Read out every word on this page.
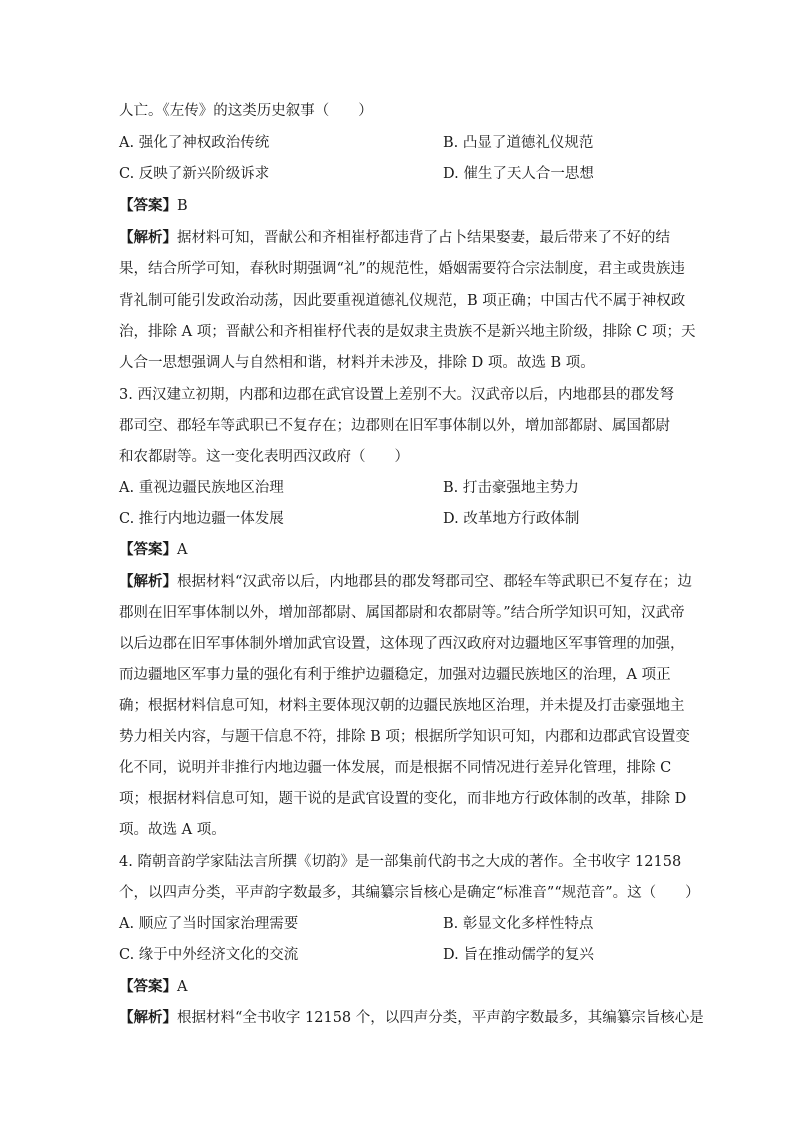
人亡。《左传》的这类历史叙事（　　）
A. 强化了神权政治传统	B. 凸显了道德礼仪规范
C. 反映了新兴阶级诉求	D. 催生了天人合一思想
【答案】B
【解析】据材料可知，晋献公和齐相崔杼都违背了占卜结果娶妻，最后带来了不好的结
果，结合所学可知，春秋时期强调“礼”的规范性，婚姻需要符合宗法制度，君主或贵族违
背礼制可能引发政治动荡，因此要重视道德礼仪规范，B 项正确；中国古代不属于神权政
治，排除 A 项；晋献公和齐相崔杼代表的是奴隶主贵族不是新兴地主阶级，排除 C 项；天
人合一思想强调人与自然相和谐，材料并未涉及，排除 D 项。故选 B 项。
3. 西汉建立初期，内郡和边郡在武官设置上差别不大。汉武帝以后，内地郡县的郡发弩
郡司空、郡轻车等武职已不复存在；边郡则在旧军事体制以外，增加部都尉、属国都尉
和农都尉等。这一变化表明西汉政府（　　）
A. 重视边疆民族地区治理	B. 打击豪强地主势力
C. 推行内地边疆一体发展	D. 改革地方行政体制
【答案】A
【解析】根据材料“汉武帝以后，内地郡县的郡发弩郡司空、郡轻车等武职已不复存在；边
郡则在旧军事体制以外，增加部都尉、属国都尉和农都尉等。”结合所学知识可知，汉武帝
以后边郡在旧军事体制外增加武官设置，这体现了西汉政府对边疆地区军事管理的加强，
而边疆地区军事力量的强化有利于维护边疆稳定，加强对边疆民族地区的治理，A 项正
确；根据材料信息可知，材料主要体现汉朝的边疆民族地区治理，并未提及打击豪强地主
势力相关内容，与题干信息不符，排除 B 项；根据所学知识可知，内郡和边郡武官设置变
化不同，说明并非推行内地边疆一体发展，而是根据不同情况进行差异化管理，排除 C
项；根据材料信息可知，题干说的是武官设置的变化，而非地方行政体制的改革，排除 D
项。故选 A 项。
4. 隋朝音韵学家陆法言所撰《切韵》是一部集前代韵书之大成的著作。全书收字 12158
个，以四声分类，平声韵字数最多，其编纂宗旨核心是确定“标准音”“规范音”。这（　　）
A. 顺应了当时国家治理需要	B. 彰显文化多样性特点
C. 缘于中外经济文化的交流	D. 旨在推动儒学的复兴
【答案】A
【解析】根据材料“全书收字 12158 个，以四声分类，平声韵字数最多，其编纂宗旨核心是
